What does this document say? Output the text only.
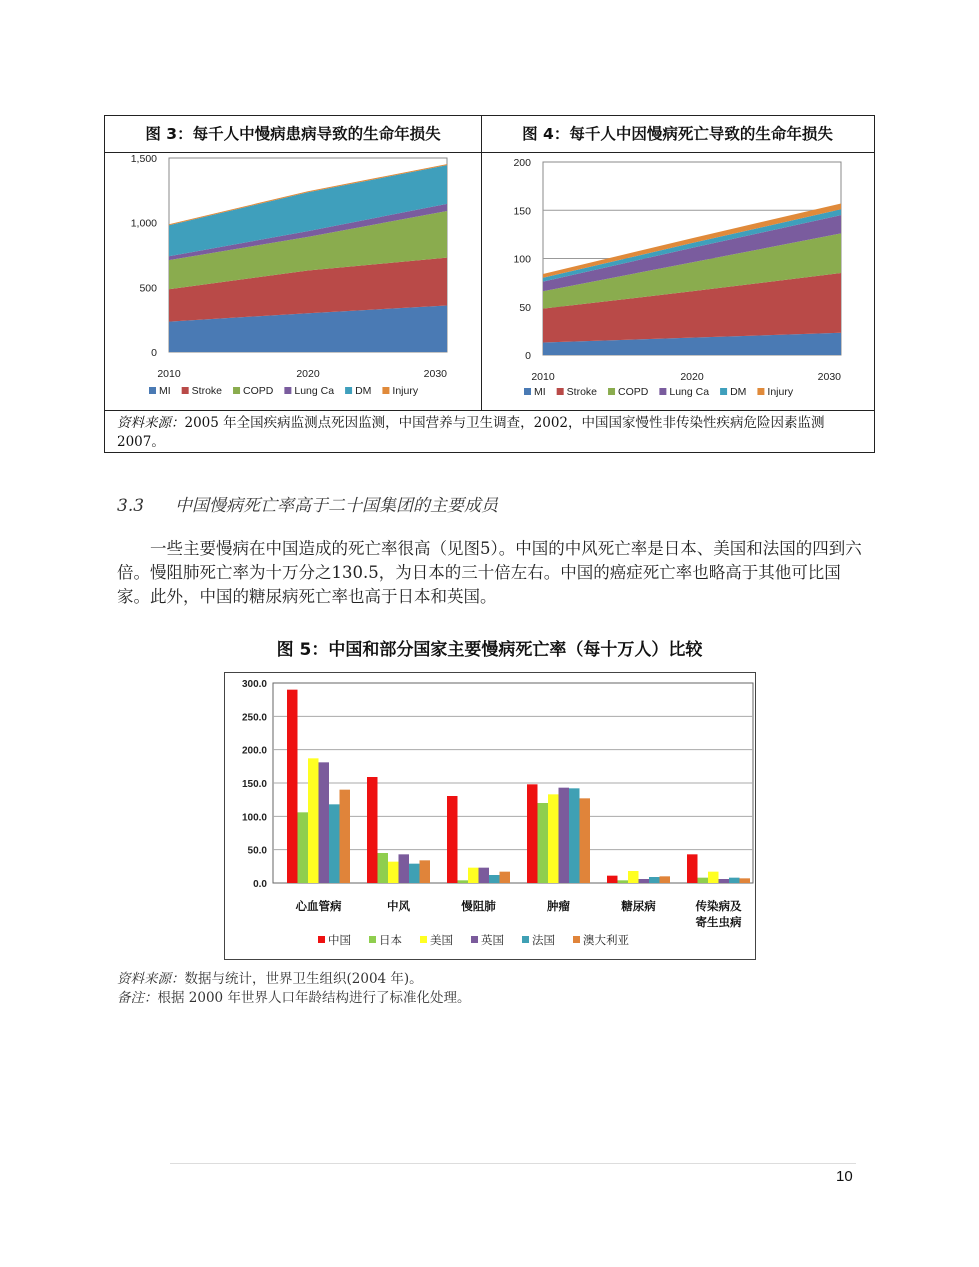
图 3：每千人中慢病患病导致的生命年损失	图 4：每千人中因慢病死亡导致的生命年损失
0
500
1,000
1,500
2010	2020	2030
MI Stroke COPD Lung Ca DM Injury
0
50
100
150
200
2010	2020	2030
MI Stroke COPD Lung Ca DM Injury
资料来源：2005 年全国疾病监测点死因监测，中国营养与卫生调查，2002，中国国家慢性非传染性疾病危险因素监测 2007。
3.3 中国慢病死亡率高于二十国集团的主要成员
一些主要慢病在中国造成的死亡率很高（见图5）。中国的中风死亡率是日本、美国和法国的四到六倍。慢阻肺死亡率为十万分之130.5，为日本的三十倍左右。中国的癌症死亡率也略高于其他可比国家。此外，中国的糖尿病死亡率也高于日本和英国。
图 5：中国和部分国家主要慢病死亡率（每十万人）比较
0.0
50.0
100.0
150.0
200.0
250.0
300.0
心血管病	中风	慢阻肺	肿瘤	糖尿病	传染病及
寄生虫病
中国 日本 美国 英国 法国 澳大利亚
资料来源：数据与统计，世界卫生组织(2004 年)。
备注：根据 2000 年世界人口年龄结构进行了标准化处理。
10
